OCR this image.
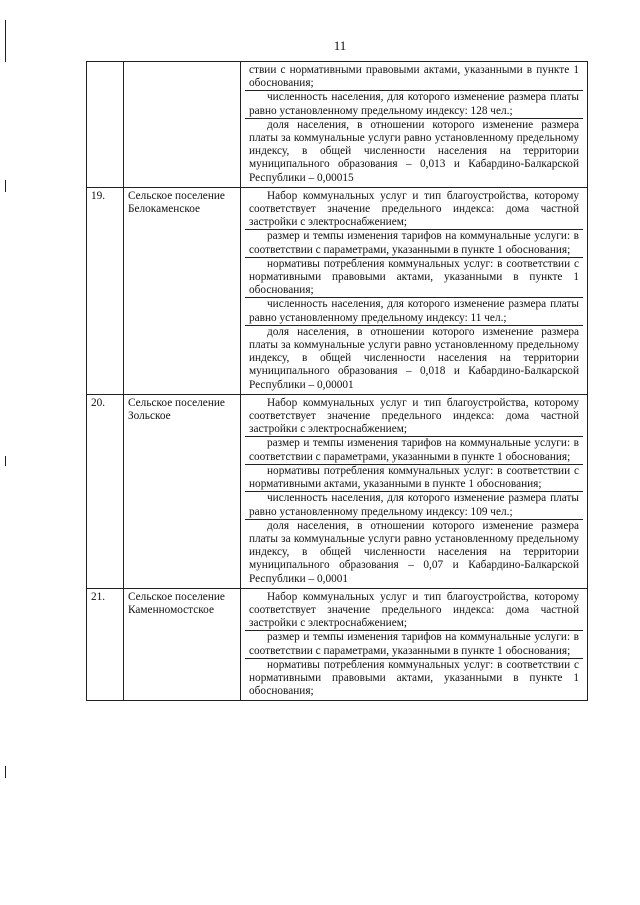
11

		ствии с нормативными правовыми актами, указанными в пункте 1 обоснования;
численность населения, для которого изменение размера платы равно установленному предельному индексу: 128 чел.;
доля населения, в отношении которого изменение размера платы за коммунальные услуги равно установленному предельному индексу, в общей численности населения на территории муниципального образования – 0,013 и Кабардино-Балкарской Республики – 0,00015

19.	Сельское поселение Белокаменское	Набор коммунальных услуг и тип благоустройства, которому соответствует значение предельного индекса: дома частной застройки с электроснабжением;
размер и темпы изменения тарифов на коммунальные услуги: в соответствии с параметрами, указанными в пункте 1 обоснования;
нормативы потребления коммунальных услуг: в соответствии с нормативными правовыми актами, указанными в пункте 1 обоснования;
численность населения, для которого изменение размера платы равно установленному предельному индексу: 11 чел.;
доля населения, в отношении которого изменение размера платы за коммунальные услуги равно установленному предельному индексу, в общей численности населения на территории муниципального образования – 0,018 и Кабардино-Балкарской Республики – 0,00001

20.	Сельское поселение Зольское	Набор коммунальных услуг и тип благоустройства, которому соответствует значение предельного индекса: дома частной застройки с электроснабжением;
размер и темпы изменения тарифов на коммунальные услуги: в соответствии с параметрами, указанными в пункте 1 обоснования;
нормативы потребления коммунальных услуг: в соответствии с нормативными актами, указанными в пункте 1 обоснования;
численность населения, для которого изменение размера платы равно установленному предельному индексу: 109 чел.;
доля населения, в отношении которого изменение размера платы за коммунальные услуги равно установленному предельному индексу, в общей численности населения на территории муниципального образования – 0,07 и Кабардино-Балкарской Республики – 0,0001

21.	Сельское поселение Каменномостское	Набор коммунальных услуг и тип благоустройства, которому соответствует значение предельного индекса: дома частной застройки с электроснабжением;
размер и темпы изменения тарифов на коммунальные услуги: в соответствии с параметрами, указанными в пункте 1 обоснования;
нормативы потребления коммунальных услуг: в соответствии с нормативными правовыми актами, указанными в пункте 1 обоснования;
